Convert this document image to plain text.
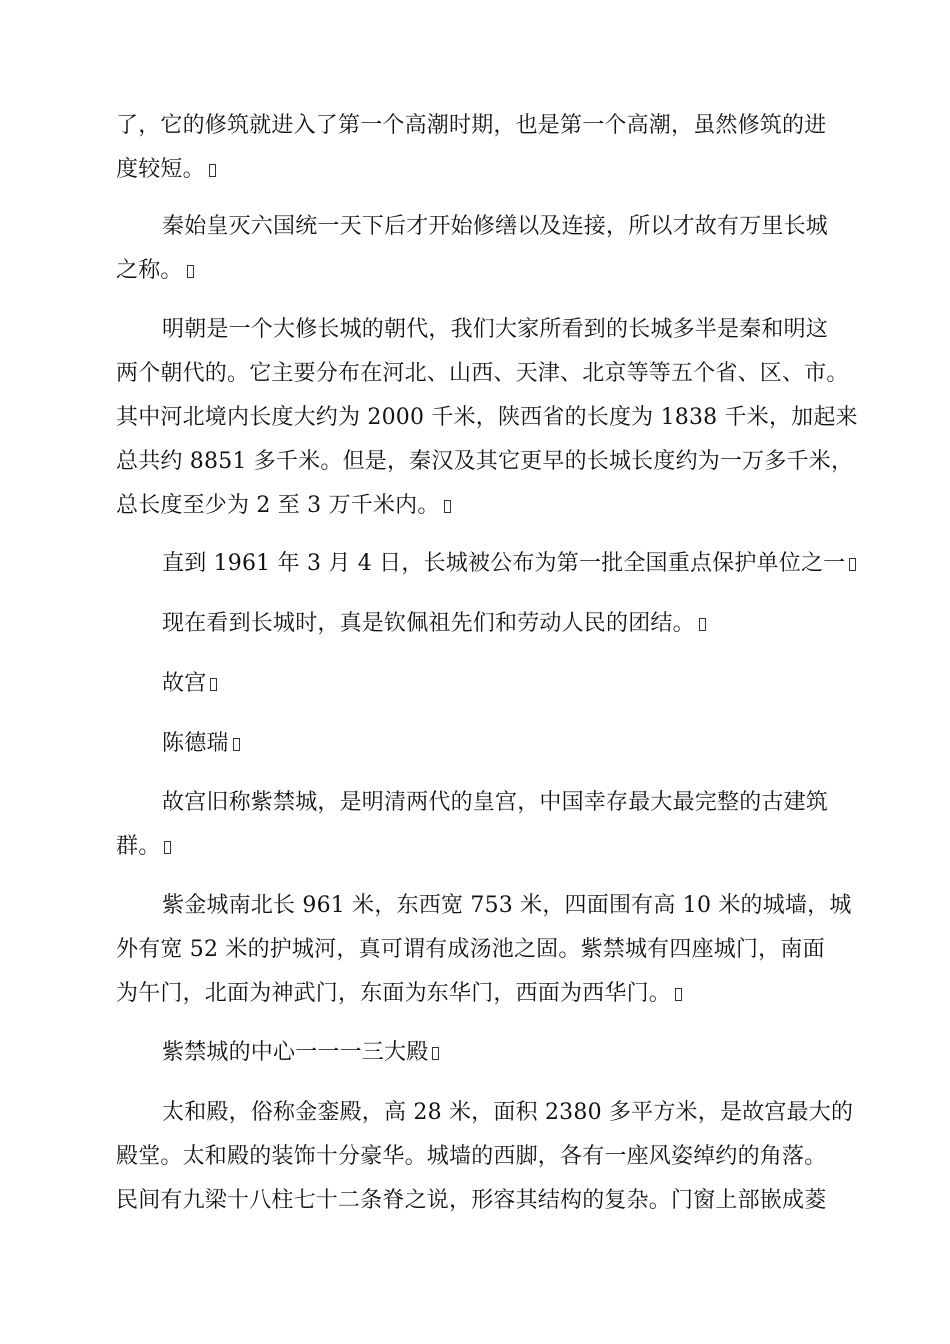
了，它的修筑就进入了第一个高潮时期，也是第一个高潮，虽然修筑的进
度较短。
秦始皇灭六国统一天下后才开始修缮以及连接，所以才故有万里长城
之称。
明朝是一个大修长城的朝代，我们大家所看到的长城多半是秦和明这
两个朝代的。它主要分布在河北、山西、天津、北京等等五个省、区、市。
其中河北境内长度大约为 2000 千米，陕西省的长度为 1838 千米，加起来
总共约 8851 多千米。但是，秦汉及其它更早的长城长度约为一万多千米，
总长度至少为 2 至 3 万千米内。
直到 1961 年 3 月 4 日，长城被公布为第一批全国重点保护单位之一
现在看到长城时，真是钦佩祖先们和劳动人民的团结。
故宫
陈德瑞
故宫旧称紫禁城，是明清两代的皇宫，中国幸存最大最完整的古建筑
群。
紫金城南北长 961 米，东西宽 753 米，四面围有高 10 米的城墙，城
外有宽 52 米的护城河，真可谓有成汤池之固。紫禁城有四座城门，南面
为午门，北面为神武门，东面为东华门，西面为西华门。
紫禁城的中心一一一三大殿
太和殿，俗称金銮殿，高 28 米，面积 2380 多平方米，是故宫最大的
殿堂。太和殿的装饰十分豪华。城墙的西脚，各有一座风姿绰约的角落。
民间有九梁十八柱七十二条脊之说，形容其结构的复杂。门窗上部嵌成菱
